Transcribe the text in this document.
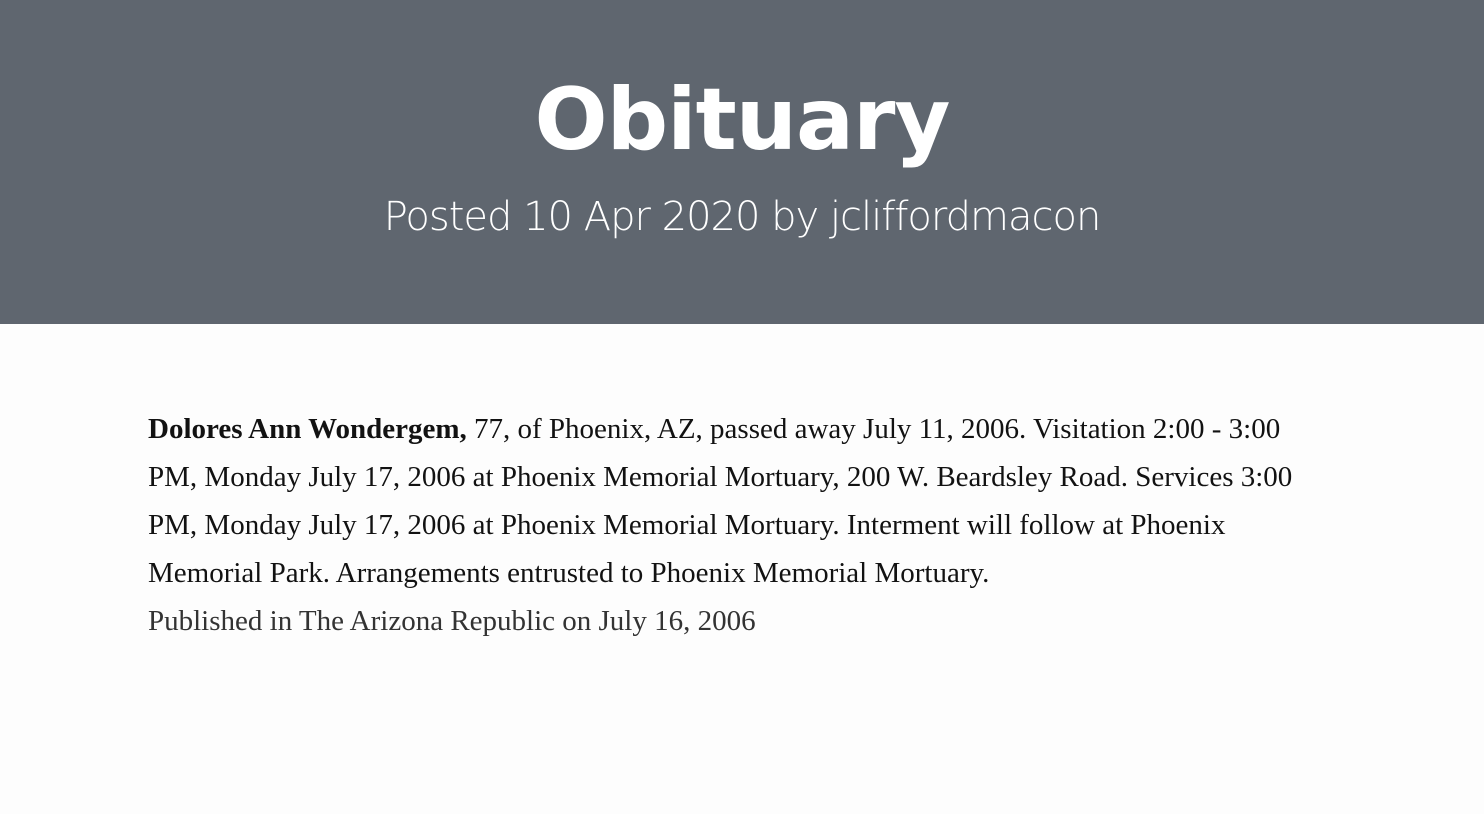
Obituary
Posted 10 Apr 2020 by jcliffordmacon

Dolores Ann Wondergem, 77, of Phoenix, AZ, passed away July 11, 2006. Visitation 2:00 - 3:00 PM, Monday July 17, 2006 at Phoenix Memorial Mortuary, 200 W. Beardsley Road. Services 3:00 PM, Monday July 17, 2006 at Phoenix Memorial Mortuary. Interment will follow at Phoenix Memorial Park. Arrangements entrusted to Phoenix Memorial Mortuary.

Published in The Arizona Republic on July 16, 2006
